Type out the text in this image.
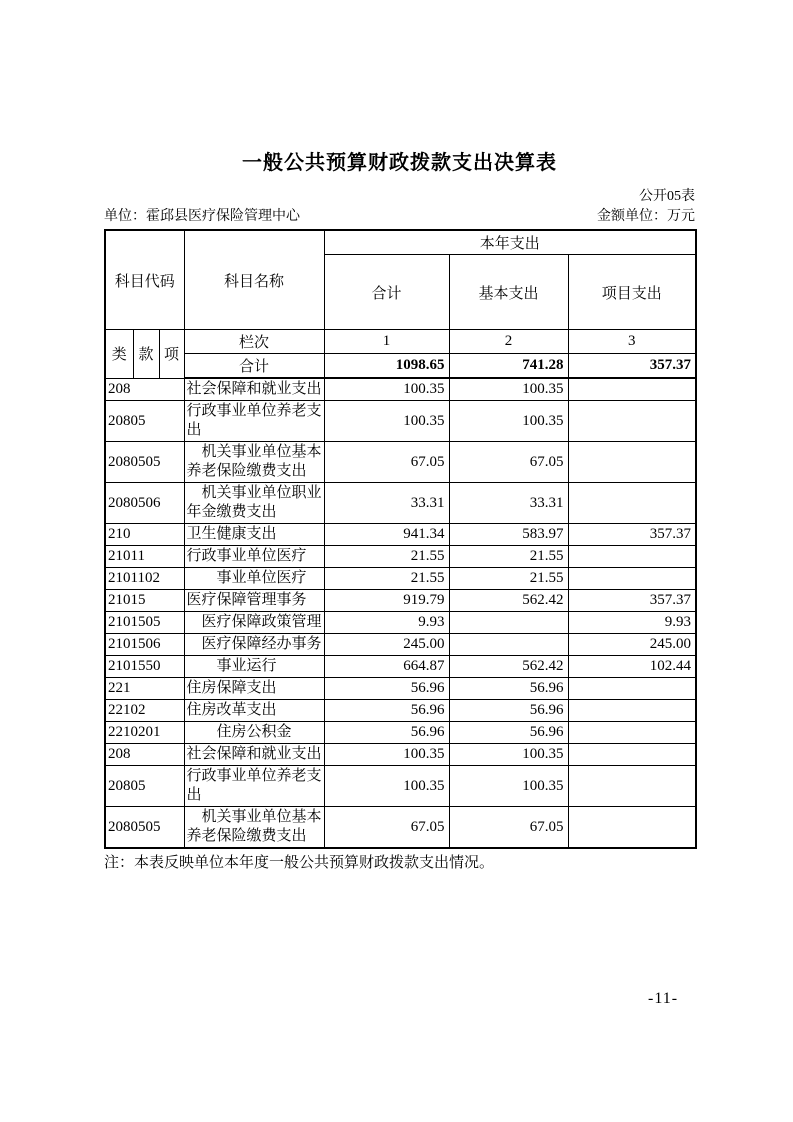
一般公共预算财政拨款支出决算表
公开05表
单位：霍邱县医疗保险管理中心	金额单位：万元
科目代码			科目名称	本年支出		
				合计	基本支出	项目支出
类	款	项	栏次	1	2	3
			合计	1098.65	741.28	357.37
208			社会保障和就业支出	100.35	100.35	
20805			行政事业单位养老支出	100.35	100.35	
2080505			　机关事业单位基本养老保险缴费支出	67.05	67.05	
2080506			　机关事业单位职业年金缴费支出	33.31	33.31	
210			卫生健康支出	941.34	583.97	357.37
21011			行政事业单位医疗	21.55	21.55	
2101102			　　事业单位医疗	21.55	21.55	
21015			医疗保障管理事务	919.79	562.42	357.37
2101505			　医疗保障政策管理	9.93		9.93
2101506			　医疗保障经办事务	245.00		245.00
2101550			　　事业运行	664.87	562.42	102.44
221			住房保障支出	56.96	56.96	
22102			住房改革支出	56.96	56.96	
2210201			　　住房公积金	56.96	56.96	
208			社会保障和就业支出	100.35	100.35	
20805			行政事业单位养老支出	100.35	100.35	
2080505			　机关事业单位基本养老保险缴费支出	67.05	67.05	
注：本表反映单位本年度一般公共预算财政拨款支出情况。
-11-
